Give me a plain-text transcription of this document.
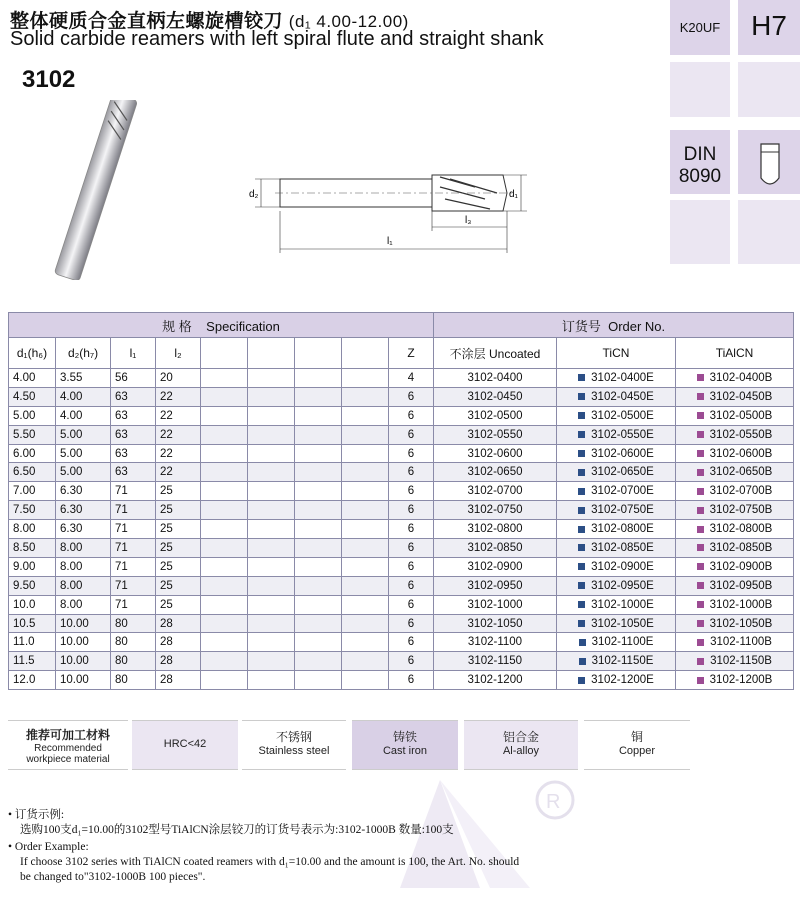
整体硬质合金直柄左螺旋槽铰刀 (d₁ 4.00-12.00)
Solid carbide reamers with left spiral flute and straight shank
3102
K20UF	H7
DIN
8090
d₂	d₁
l₃
l₁
规 格 Specification									订货号 Order No.		
d₁(h₆)	d₂(h₇)	l₁	l₂					Z	不涂层 Uncoated	TiCN	TiAlCN
4.00	3.55	56	20					4	3102-0400	3102-0400E	3102-0400B
4.50	4.00	63	22					6	3102-0450	3102-0450E	3102-0450B
5.00	4.00	63	22					6	3102-0500	3102-0500E	3102-0500B
5.50	5.00	63	22					6	3102-0550	3102-0550E	3102-0550B
6.00	5.00	63	22					6	3102-0600	3102-0600E	3102-0600B
6.50	5.00	63	22					6	3102-0650	3102-0650E	3102-0650B
7.00	6.30	71	25					6	3102-0700	3102-0700E	3102-0700B
7.50	6.30	71	25					6	3102-0750	3102-0750E	3102-0750B
8.00	6.30	71	25					6	3102-0800	3102-0800E	3102-0800B
8.50	8.00	71	25					6	3102-0850	3102-0850E	3102-0850B
9.00	8.00	71	25					6	3102-0900	3102-0900E	3102-0900B
9.50	8.00	71	25					6	3102-0950	3102-0950E	3102-0950B
10.0	8.00	71	25					6	3102-1000	3102-1000E	3102-1000B
10.5	10.00	80	28					6	3102-1050	3102-1050E	3102-1050B
11.0	10.00	80	28					6	3102-1100	3102-1100E	3102-1100B
11.5	10.00	80	28					6	3102-1150	3102-1150E	3102-1150B
12.0	10.00	80	28					6	3102-1200	3102-1200E	3102-1200B
推荐可加工材料
Recommended
workpiece material
HRC<42	不锈钢
Stainless steel
铸铁
Cast iron
铝合金
Al-alloy
铜
Copper
R
• 订货示例:
选购100支d₁=10.00的3102型号TiAlCN涂层铰刀的订货号表示为:3102-1000B 数量:100支
• Order Example:
If choose 3102 series with TiAlCN coated reamers with d₁=10.00 and the amount is 100, the Art. No. should
be changed to"3102-1000B 100 pieces".
